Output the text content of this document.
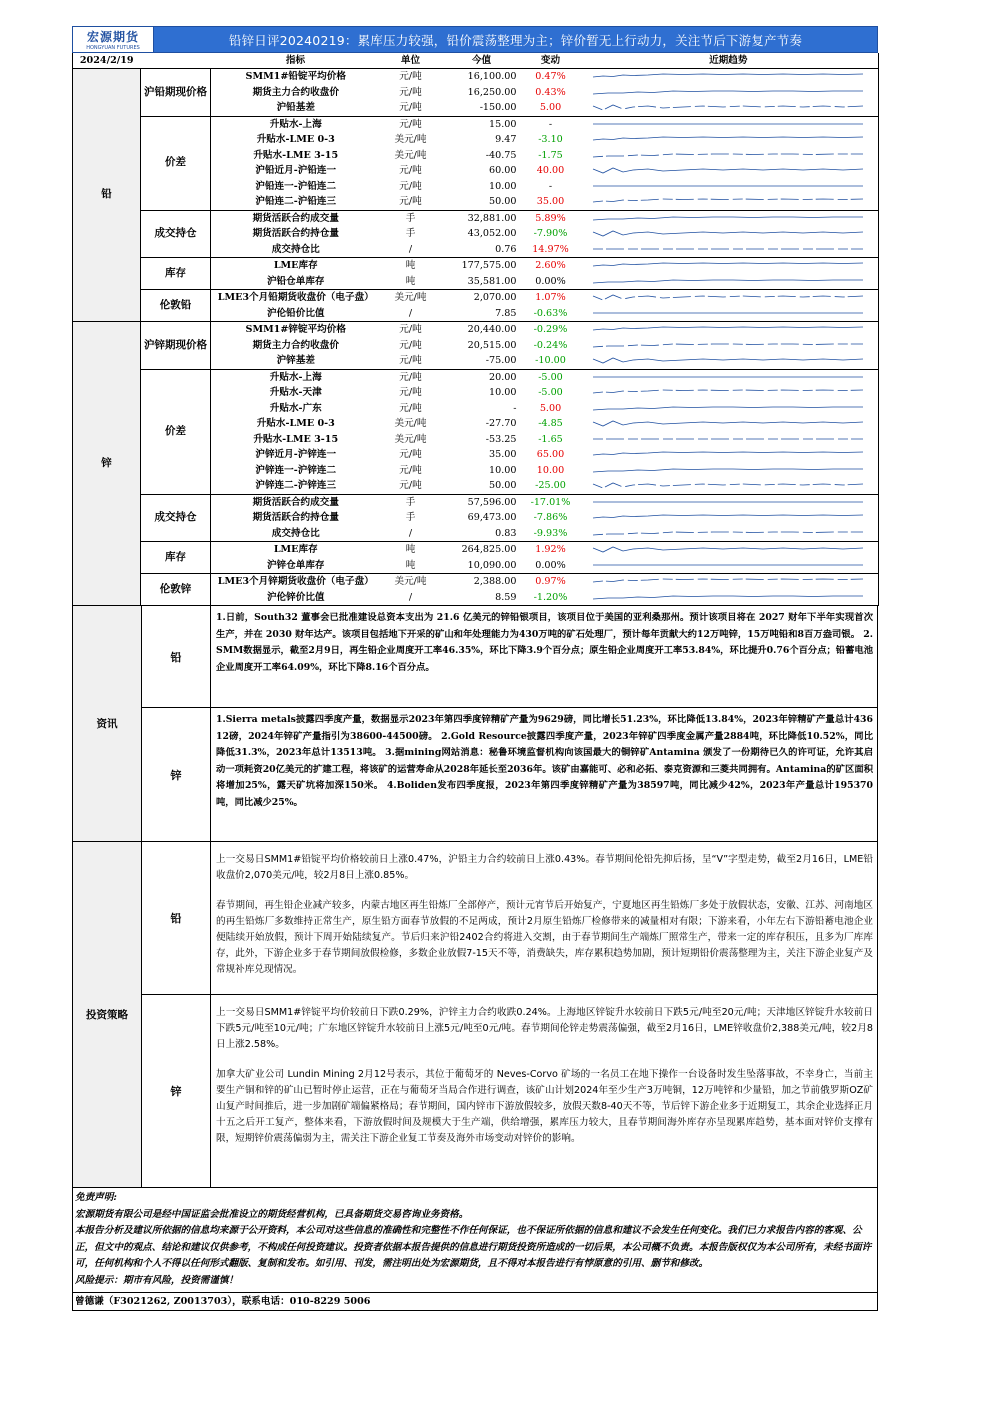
宏源期货
HONGYUAN FUTURES
铅锌日评20240219：累库压力较强，铅价震荡整理为主；锌价暂无上行动力，关注节后下游复产节奏
2024/2/19		指标	单位	今值	变动	近期趋势
铅	沪铅期现价格	SMM1#铅锭平均价格	元/吨	16,100.00	0.47%	

		期货主力合约收盘价	元/吨	16,250.00	0.43%	

		沪铅基差	元/吨	-150.00	5.00	

	价差	升贴水-上海	元/吨	15.00	-	

		升贴水-LME 0-3	美元/吨	9.47	-3.10	

		升贴水-LME 3-15	美元/吨	-40.75	-1.75	

		沪铅近月-沪铅连一	元/吨	60.00	40.00	

		沪铅连一-沪铅连二	元/吨	10.00	-	

		沪铅连二-沪铅连三	元/吨	50.00	35.00	

	成交持仓	期货活跃合约成交量	手	32,881.00	5.89%	

		期货活跃合约持仓量	手	43,052.00	-7.90%	

		成交持仓比	/	0.76	14.97%	

	库存	LME库存	吨	177,575.00	2.60%	

		沪铅仓单库存	吨	35,581.00	0.00%	

	伦敦铅	LME3个月铅期货收盘价（电子盘）	美元/吨	2,070.00	1.07%	

		沪伦铅价比值	/	7.85	-0.63%	

锌	沪锌期现价格	SMM1#锌锭平均价格	元/吨	20,440.00	-0.29%	

		期货主力合约收盘价	元/吨	20,515.00	-0.24%	

		沪锌基差	元/吨	-75.00	-10.00	

	价差	升贴水-上海	元/吨	20.00	-5.00	

		升贴水-天津	元/吨	10.00	-5.00	

		升贴水-广东	元/吨	-	5.00	

		升贴水-LME 0-3	美元/吨	-27.70	-4.85	

		升贴水-LME 3-15	美元/吨	-53.25	-1.65	

		沪锌近月-沪锌连一	元/吨	35.00	65.00	

		沪锌连一-沪锌连二	元/吨	10.00	10.00	

		沪锌连二-沪锌连三	元/吨	50.00	-25.00	

	成交持仓	期货活跃合约成交量	手	57,596.00	-17.01%	

		期货活跃合约持仓量	手	69,473.00	-7.86%	

		成交持仓比	/	0.83	-9.93%	

	库存	LME库存	吨	264,825.00	1.92%	

		沪锌仓单库存	吨	10,090.00	0.00%	

	伦敦锌	LME3个月锌期货收盘价（电子盘）	美元/吨	2,388.00	0.97%	

		沪伦锌价比值	/	8.59	-1.20%	
资讯
铅
1.日前，South32 董事会已批准建设总资本支出为 21.6 亿美元的锌铅银项目，该项目位于美国的亚利桑那州。预计该项目将在 2027 财年下半年实现首次生产，并在 2030 财年达产。该项目包括地下开采的矿山和年处理能力为430万吨的矿石处理厂，预计每年贡献大约12万吨锌，15万吨铅和8百万盎司银。 2.SMM数据显示，截至2月9日，再生铅企业周度开工率46.35%，环比下降3.9个百分点；原生铅企业周度开工率53.84%，环比提升0.76个百分点；铅蓄电池企业周度开工率64.09%，环比下降8.16个百分点。
锌
1.Sierra metals披露四季度产量，数据显示2023年第四季度锌精矿产量为9629磅，同比增长51.23%，环比降低13.84%，2023年锌精矿产量总计43612磅，2024年锌矿产量指引为38600-44500磅。 2.Gold Resource披露四季度产量，2023年锌矿四季度金属产量2884吨，环比降低10.52%，同比降低31.3%，2023年总计13513吨。 3.据mining网站消息：秘鲁环境监督机构向该国最大的铜锌矿Antamina 颁发了一份期待已久的许可证，允许其启动一项耗资20亿美元的扩建工程，将该矿的运营寿命从2028年延长至2036年。该矿由嘉能可、必和必拓、泰克资源和三菱共同拥有。Antamina的矿区面积将增加25%，露天矿坑将加深150米。 4.Boliden发布四季度报，2023年第四季度锌精矿产量为38597吨，同比减少42%，2023年产量总计195370吨，同比减少25%。
投资策略
铅

上一交易日SMM1#铅锭平均价格较前日上涨0.47%，沪铅主力合约较前日上涨0.43%。春节期间伦铅先抑后扬，呈“V”字型走势，截至2月16日，LME铅收盘价2,070美元/吨，较2月8日上涨0.85%。

春节期间，再生铅企业减产较多，内蒙古地区再生铅炼厂全部停产，预计元宵节后开始复产，宁夏地区再生铅炼厂多处于放假状态，安徽、江苏、河南地区的再生铅炼厂多数维持正常生产，原生铅方面春节放假的不足两成，预计2月原生铅炼厂检修带来的减量相对有限；下游来看，小年左右下游铅蓄电池企业便陆续开始放假，预计下周开始陆续复产。节后归来沪铅2402合约将进入交割，由于春节期间生产端炼厂照常生产，带来一定的库存积压，且多为厂库库存，此外，下游企业多于春节期间放假检修，多数企业放假7-15天不等，消费缺失，库存累积趋势加剧，预计短期铅价震荡整理为主，关注下游企业复产及常规补库兑现情况。

锌

上一交易日SMM1#锌锭平均价较前日下跌0.29%，沪锌主力合约收跌0.24%。上海地区锌锭升水较前日下跌5元/吨至20元/吨；天津地区锌锭升水较前日下跌5元/吨至10元/吨；广东地区锌锭升水较前日上涨5元/吨至0元/吨。春节期间伦锌走势震荡偏强，截至2月16日，LME锌收盘价2,388美元/吨，较2月8日上涨2.58%。

加拿大矿业公司 Lundin Mining 2月12号表示，其位于葡萄牙的 Neves-Corvo 矿场的一名员工在地下操作一台设备时发生坠落事故，不幸身亡，当前主要生产铜和锌的矿山已暂时停止运营，正在与葡萄牙当局合作进行调查，该矿山计划2024年至少生产3万吨铜，12万吨锌和少量铅，加之节前俄罗斯OZ矿山复产时间推后，进一步加剧矿端偏紧格局；春节期间，国内锌市下游放假较多，放假天数8-40天不等，节后锌下游企业多于近期复工，其余企业选择正月十五之后开工复产，整体来看，下游放假时间及规模大于生产端，供给增强，累库压力较大，且春节期间海外库存亦呈现累库趋势，基本面对锌价支撑有限，短期锌价震荡偏弱为主，需关注下游企业复工节奏及海外市场变动对锌价的影响。

免责声明:

宏源期货有限公司是经中国证监会批准设立的期货经营机构，已具备期货交易咨询业务资格。

本报告分析及建议所依据的信息均来源于公开资料，本公司对这些信息的准确性和完整性不作任何保证，也不保证所依据的信息和建议不会发生任何变化。我们已力求报告内容的客观、公正，但文中的观点、结论和建议仅供参考，不构成任何投资建议。投资者依据本报告提供的信息进行期货投资所造成的一切后果，本公司概不负责。本报告版权仅为本公司所有，未经书面许可，任何机构和个人不得以任何形式翻版、复制和发布。如引用、刊发，需注明出处为宏源期货，且不得对本报告进行有悖原意的引用、删节和修改。

风险提示：期市有风险，投资需谨慎！

曾德谦（F3021262, Z0013703），联系电话：010-8229 5006
